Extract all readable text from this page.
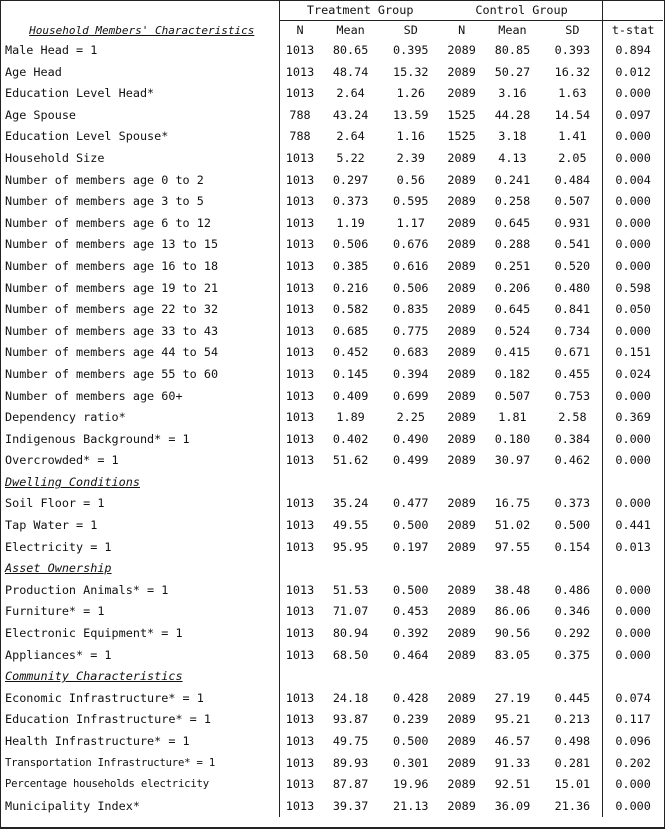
	Treatment Group			Control Group			
Household Members' Characteristics	N	Mean	SD	N	Mean	SD	t-stat
Male Head = 1	1013	80.65	0.395	2089	80.85	0.393	0.894
Age Head	1013	48.74	15.32	2089	50.27	16.32	0.012
Education Level Head*	1013	2.64	1.26	2089	3.16	1.63	0.000
Age Spouse	788	43.24	13.59	1525	44.28	14.54	0.097
Education Level Spouse*	788	2.64	1.16	1525	3.18	1.41	0.000
Household Size	1013	5.22	2.39	2089	4.13	2.05	0.000
Number of members age 0 to 2	1013	0.297	0.56	2089	0.241	0.484	0.004
Number of members age 3 to 5	1013	0.373	0.595	2089	0.258	0.507	0.000
Number of members age 6 to 12	1013	1.19	1.17	2089	0.645	0.931	0.000
Number of members age 13 to 15	1013	0.506	0.676	2089	0.288	0.541	0.000
Number of members age 16 to 18	1013	0.385	0.616	2089	0.251	0.520	0.000
Number of members age 19 to 21	1013	0.216	0.506	2089	0.206	0.480	0.598
Number of members age 22 to 32	1013	0.582	0.835	2089	0.645	0.841	0.050
Number of members age 33 to 43	1013	0.685	0.775	2089	0.524	0.734	0.000
Number of members age 44 to 54	1013	0.452	0.683	2089	0.415	0.671	0.151
Number of members age 55 to 60	1013	0.145	0.394	2089	0.182	0.455	0.024
Number of members age 60+	1013	0.409	0.699	2089	0.507	0.753	0.000
Dependency ratio*	1013	1.89	2.25	2089	1.81	2.58	0.369
Indigenous Background* = 1	1013	0.402	0.490	2089	0.180	0.384	0.000
Overcrowded* = 1	1013	51.62	0.499	2089	30.97	0.462	0.000
Dwelling Conditions							
Soil Floor = 1	1013	35.24	0.477	2089	16.75	0.373	0.000
Tap Water = 1	1013	49.55	0.500	2089	51.02	0.500	0.441
Electricity = 1	1013	95.95	0.197	2089	97.55	0.154	0.013
Asset Ownership							
Production Animals* = 1	1013	51.53	0.500	2089	38.48	0.486	0.000
Furniture* = 1	1013	71.07	0.453	2089	86.06	0.346	0.000
Electronic Equipment* = 1	1013	80.94	0.392	2089	90.56	0.292	0.000
Appliances* = 1	1013	68.50	0.464	2089	83.05	0.375	0.000
Community Characteristics							
Economic Infrastructure* = 1	1013	24.18	0.428	2089	27.19	0.445	0.074
Education Infrastructure* = 1	1013	93.87	0.239	2089	95.21	0.213	0.117
Health Infrastructure* = 1	1013	49.75	0.500	2089	46.57	0.498	0.096
Transportation Infrastructure* = 1	1013	89.93	0.301	2089	91.33	0.281	0.202
Percentage households electricity	1013	87.87	19.96	2089	92.51	15.01	0.000
Municipality Index*	1013	39.37	21.13	2089	36.09	21.36	0.000
